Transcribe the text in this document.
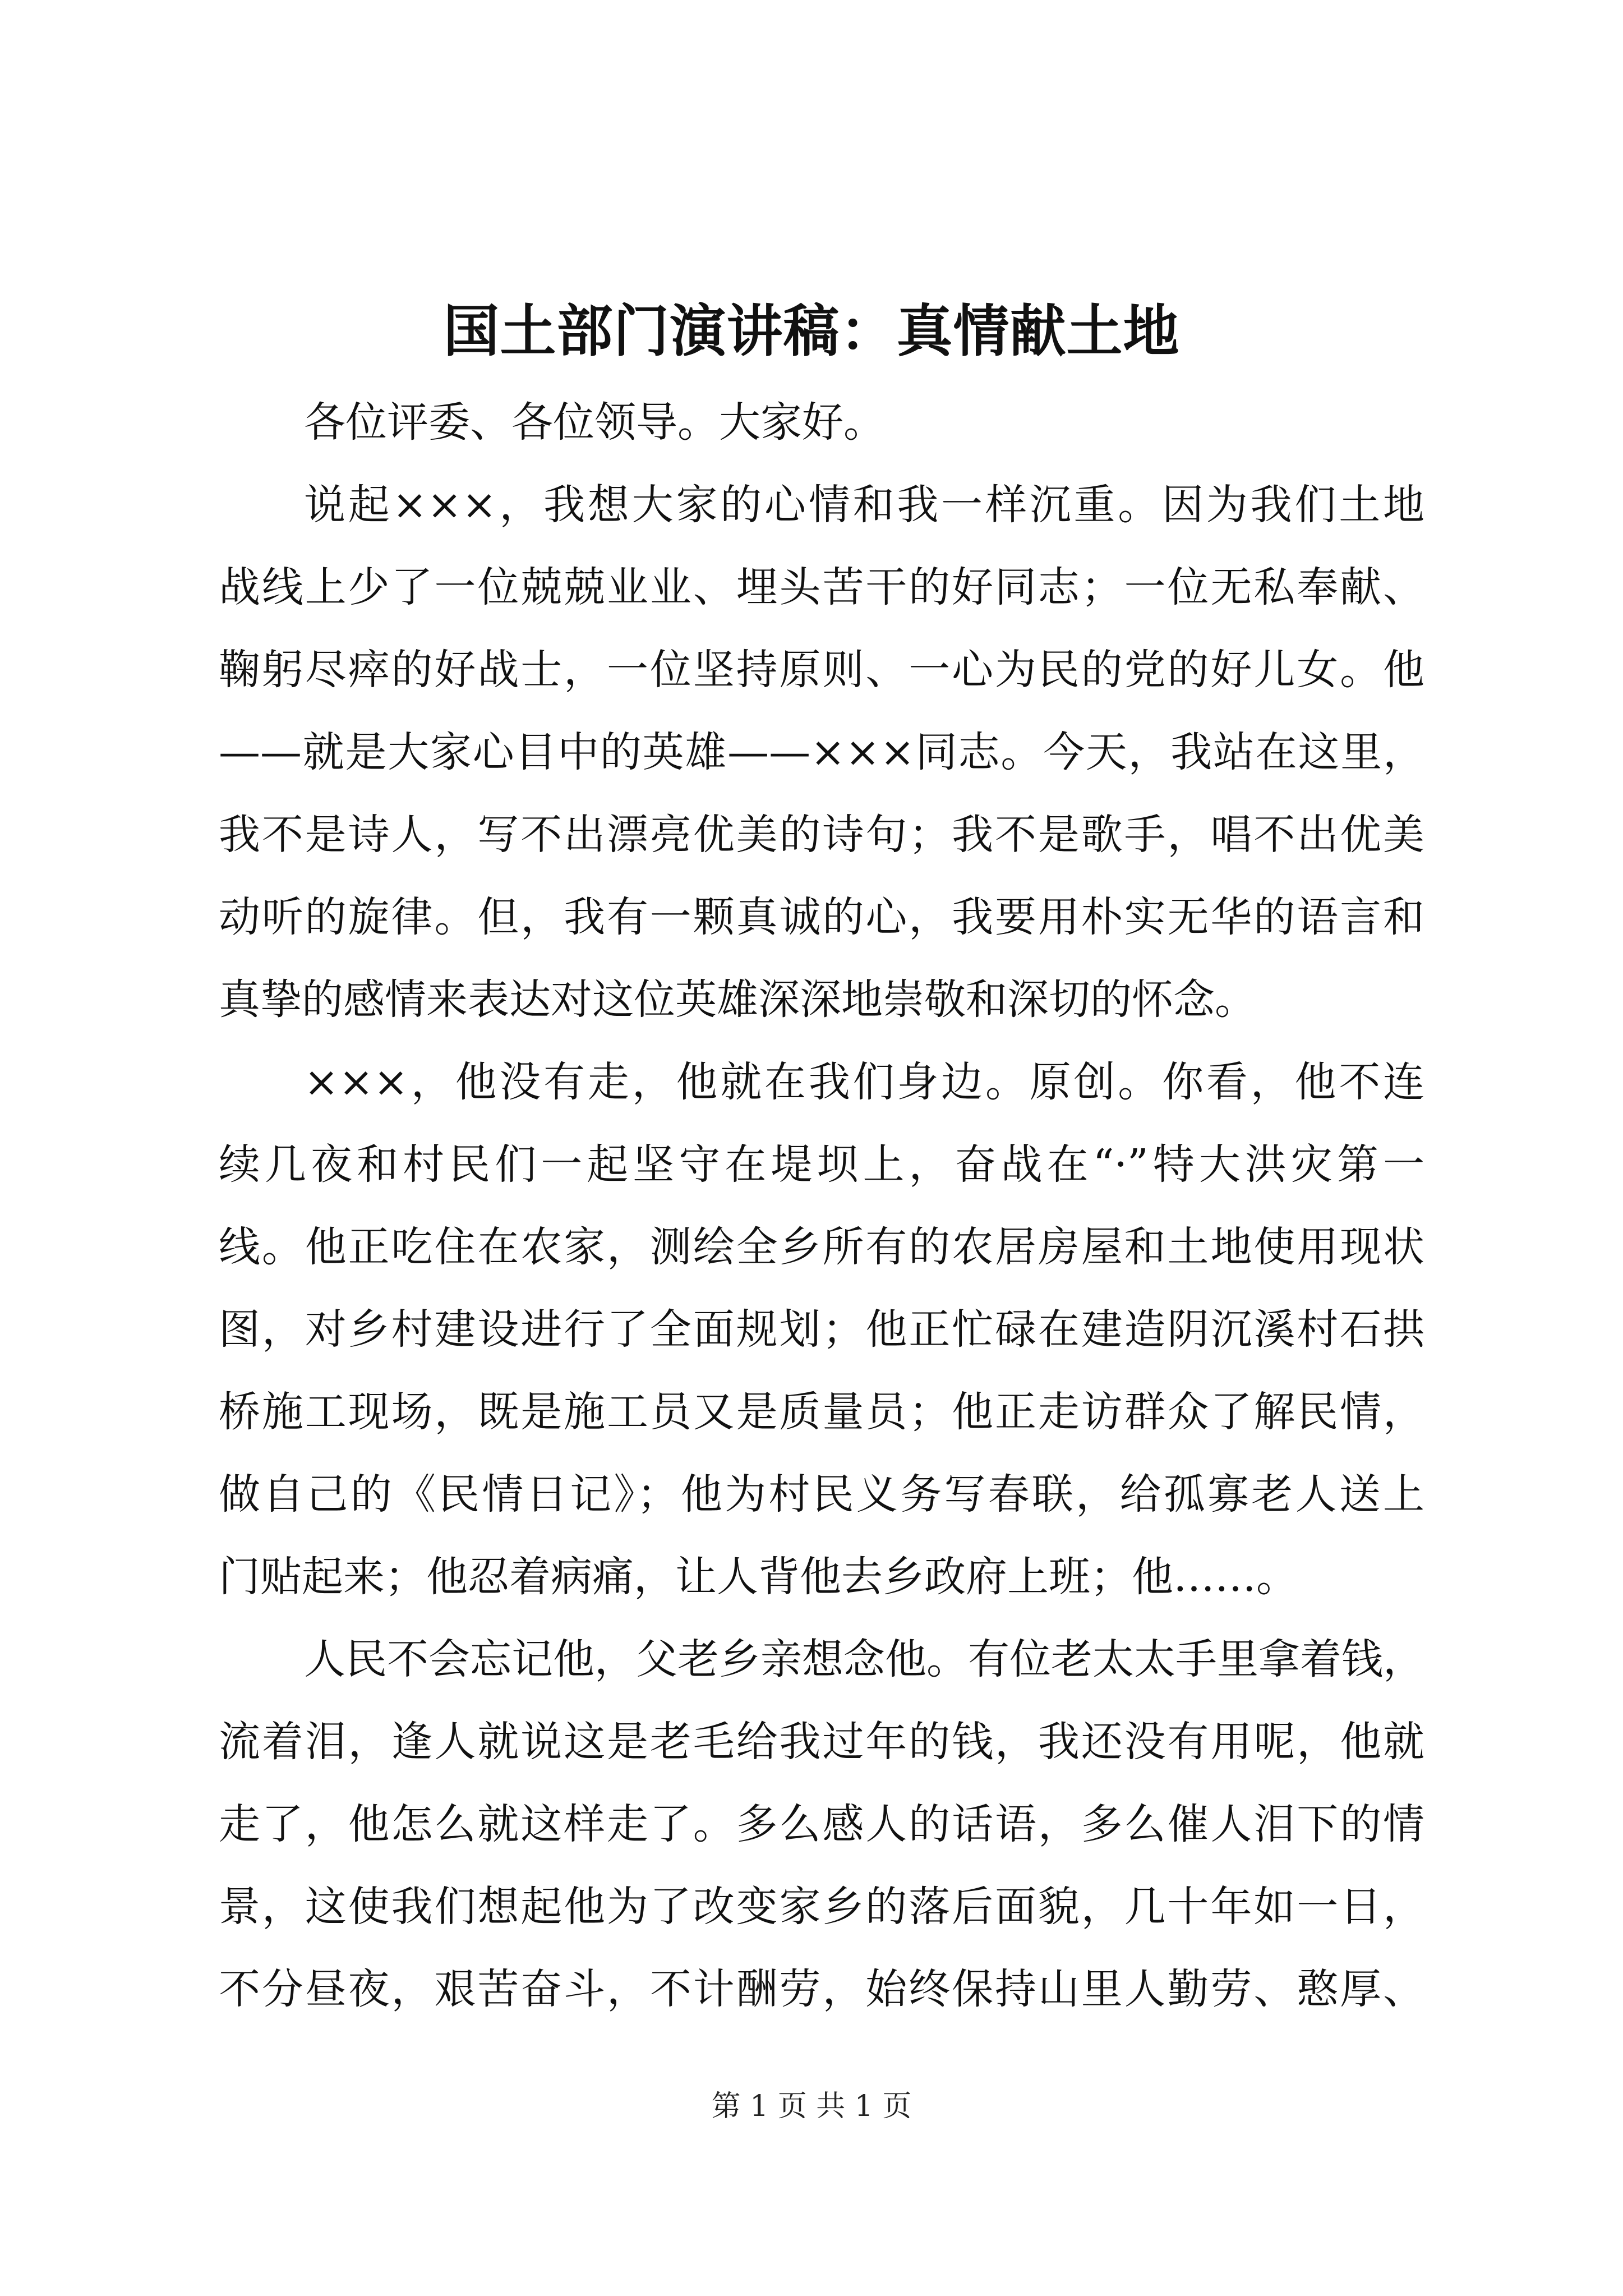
国土部门演讲稿：真情献土地
各位评委、各位领导。大家好。
说起×××，我想大家的心情和我一样沉重。因为我们土地
战线上少了一位兢兢业业、埋头苦干的好同志；一位无私奉献、
鞠躬尽瘁的好战士，一位坚持原则、一心为民的党的好儿女。他
——就是大家心目中的英雄——×××同志。今天，我站在这里，
我不是诗人，写不出漂亮优美的诗句；我不是歌手，唱不出优美
动听的旋律。但，我有一颗真诚的心，我要用朴实无华的语言和
真挚的感情来表达对这位英雄深深地崇敬和深切的怀念。
×××，他没有走，他就在我们身边。原创。你看，他不连
续几夜和村民们一起坚守在堤坝上，奋战在“·”特大洪灾第一
线。他正吃住在农家，测绘全乡所有的农居房屋和土地使用现状
图，对乡村建设进行了全面规划；他正忙碌在建造阴沉溪村石拱
桥施工现场，既是施工员又是质量员；他正走访群众了解民情，
做自己的《民情日记》；他为村民义务写春联，给孤寡老人送上
门贴起来；他忍着病痛，让人背他去乡政府上班；他……。
人民不会忘记他，父老乡亲想念他。有位老太太手里拿着钱，
流着泪，逢人就说这是老毛给我过年的钱，我还没有用呢，他就
走了，他怎么就这样走了。多么感人的话语，多么催人泪下的情
景，这使我们想起他为了改变家乡的落后面貌，几十年如一日，
不分昼夜，艰苦奋斗，不计酬劳，始终保持山里人勤劳、憨厚、
第 1 页 共 1 页
